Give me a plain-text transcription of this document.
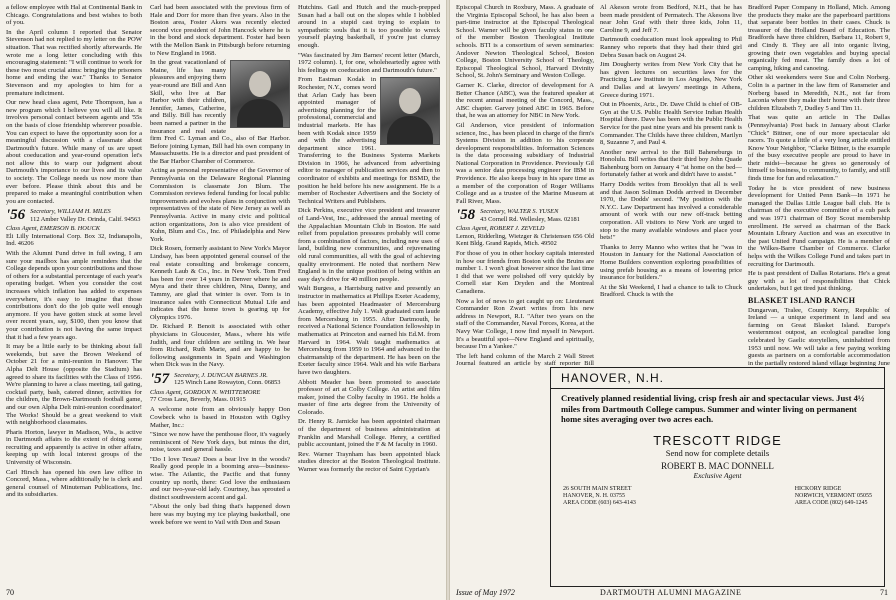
a fellow employee with Hal at Continental Bank in Chicago. Congratulations and best wishes to both of you.

In the April column I reported that Senator Stevenson had not replied to my letter on the POW situation. That was rectified shortly afterwards. He wrote me a long letter concluding with this encouraging statement: "I will continue to work for these two most crucial aims: bringing the prisoners home and ending the war." Thanks to Senator Stevenson and my apologies to him for a premature indictment.

Our new head class agent, Pete Thompson, has a new program which I believe you will all like. It involves personal contact between agents and '55s on the basis of close friendship wherever possible. You can expect to have the opportunity soon for a meaningful discussion with a classmate about Dartmouth's future. While many of us are upset about coeducation and year-round operation let's not allow this to warp our judgment about Dartmouth's importance to our lives and its value to society. The College needs us now more than ever before. Please think about this and be prepared to make a meaningful contribution when you are contacted.

'56 Secretary, WILLIAM H. MILES
112 Amber Valley Dr. Orinda, Calif. 94563
Class Agent, EMERSON B. HOUCK
Eli Lilly International Corp. Box 32, Indianapolis, Ind. 46206

With the Alumni Fund drive in full swing, I am sure your mailbox has ample reminders that the College depends upon your contributions and those of others for a substantial percentage of each year's operating budget. When you consider the cost increases which inflation has added to expenses everywhere, it's easy to imagine that those contributions don't do the job quite well enough anymore. If you have gotten stuck at some level over recent years, say, $100, then you know that your contribution is not having the same impact that it had a few years ago.

It may be a little early to be thinking about fall weekends, but save the Brown Weekend of October 21 for a mini-reunion in Hanover. The Alpha Delt House (opposite the Stadium) has agreed to share its facilities with the Class of 1956. We're planning to have a class meeting, tail gating, cocktail party, bash, catered dinner, activities for the children, the Brown-Dartmouth football game, and our own Alpha Delt mini-reunion coordinator! The Works! Should be a great weekend to visit with neighborhood classmates.

Pharis Horton, lawyer in Madison, Wis., is active in Dartmouth affairs to the extent of doing some recruiting and apparently is active in other affairs, keeping up with local interest groups of the University of Wisconsin.

Carl Hirsch has opened his own law office in Concord, Mass., where additionally he is clerk and general counsel of Minuteman Publications, Inc. and its subsidiaries.

Carl had been associated with the previous firm of Hale and Dorr for more than five years. Also in the Boston area, Foster Akers was recently elected second vice president of John Hancock where he is in the bond and stock department. Foster had been with the Mellon Bank in Pittsburgh before returning to New England in 1968.

In the great vacationland of Maine, life has many pleasures and enjoying them year-round are Bill and Ann Skill, who live at Bar Harbor with their children, Jennifer, James, Catherine, and Billy. Bill has recently been named a partner in the insurance and real estate firm Fred C. Lyman and Co., also of Bar Harbor. Before joining Lyman, Bill had his own company in Massachusetts. He is a director and past president of the Bar Harbor Chamber of Commerce.

Acting as personal representative of the Governor of Pennsylvania on the Delaware Regional Planning Commission is classmate Jon Blum. The Commission reviews federal funding for local public improvements and evolves plans in conjunction with representatives of the state of New Jersey as well as Pennsylvania. Active in many civic and political action organizations, Jon is also vice president of Kuhn, Blum and Co., Inc. of Philadelphia and New York.

Dick Rosen, formerly assistant to New York's Mayor Lindsay, has been appointed general counsel of the real estate consulting and brokerage concern, Kenneth Laub & Co., Inc. in New York. Tom Fred has been for over 14 years in Denver where he and Myra and their three children, Nina, Danny, and Tammy, are glad that winter is over. Tom is in insurance sales with Connecticut Mutual Life and indicates that the home town is gearing up for Olympics 1976.

Dr. Richard P. Benoit is associated with other physicians in Gloucester, Mass., where his wife Judith, and four children are settling in. We hear from Richard, Ruth Marie, and are happy to be following assignments in Spain and Washington when Dick was in the Navy.

'57 Secretary, J. DUNCAN BARNES JR.
125 Winch Lane Rowayton, Conn. 06853
Class Agent, GORDON N. WHITTEMORE
77 Cross Lane, Beverly, Mass. 01915

A welcome note from an obviously happy Don Cowbeck who is based in Houston with Ogilvy Mather, Inc.:

"Since we now have the penthouse floor, it's vaguely reminiscent of New York days, but minus the dirt, noise, taxes and general hassle.

"Do I love Texas? Does a bear live in the woods? Really good people in a booming area—business-wise. The Atlantic, the Pacific and that funny country up north, there: God love the enthusiasm and our two-year-old lady. Courtney, has sprouted a distinct southwestern accent and gal.

"About the only bad thing that's happened down here was my buying my ice playing basketball, one week before we went to Vail with Don and Susan

Hutchins. Gail and Hutch and the much-prepped Susan had a ball out on the slopes while I hobbled around in a stupid cast trying to explain to sympathetic souls that it is too possible to wreck yourself playing basketball, if you're just clumsy enough.

"Was fascinated by Jim Barnes' recent letter (March, 1972 column). I, for one, wholeheartedly agree with his feelings on coeducation and Dartmouth's future."

From Eastman Kodak in Rochester, N.Y., comes word that Arlan Cady has been appointed manager of advertising planning for the professional, commercial and industrial markets. He has been with Kodak since 1959 and with the advertising department since 1961. Transferring to the Business Systems Markets Division in 1966, he advanced from advertising editor to manager of publication services and then to coordinator of exhibits and meetings for BSMD, the position he held before his new assignment. He is a member of Rochester Advertisers and the Society of Technical Writers and Publishers.

Dick Perkins, executive vice president and treasurer of Land-Vest, Inc., addressed the annual meeting of the Appalachian Mountain Club in Boston. He said relief from population pressures probably will come from a combination of factors, including new uses of land, building new communities, and rejuvenating old rural communities, all with the goal of achieving quality environment. He noted that northern New England is in the unique position of being within an easy day's drive for 40 million people.

Walt Burgess, a Harrisburg native and presently an instructor in mathematics at Phillips Exeter Academy, has been appointed Headmaster of Mercersburg Academy, effective July 1. Walt graduated cum laude from Mercersburg in 1955. After Dartmouth, he received a National Science Foundation fellowship in mathematics at Princeton and earned his Ed.M. from Harvard in 1964. Walt taught mathematics at Mercersburg from 1959 to 1964 and advanced to the chairmanship of the department. He has been on the Exeter faculty since 1964. Walt and his wife Barbara have two daughters.

Abbott Meader has been promoted to associate professor of art at Colby College. An artist and film maker, joined the Colby faculty in 1961. He holds a master of fine arts degree from the University of Colorado.

Dr. Henry R. Jarnicke has been appointed chairman of the department of business administration at Franklin and Marshall College. Henry, a certified public accountant, joined the F & M faculty in 1960.

Rev. Warner Traynham has been appointed black studies director at the Boston Theological Institute. Warner was formerly the rector of Saint Cyprian's

70

Episcopal Church in Roxbury, Mass. A graduate of the Virginia Episcopal School, he has also been a part-time instructor at the Episcopal Theological School. Warner will be given faculty status in one of the member Boston Theological Institute schools. BTI is a consortium of seven seminaries: Andover Newton Theological School, Boston College, Boston University School of Theology, Episcopal Theological School, Harvard Divinity School, St. John's Seminary and Weston College.

Garner K. Clarke, director of development for A Better Chance (ABC), was the featured speaker at the recent annual meeting of the Concord, Mass., ABC chapter. Garvey joined ABC in 1965. Before that, he was an attorney for NBC in New York.

Gil Anderson, vice president of information science, Inc., has been placed in charge of the firm's Systems Division in addition to his corporate development responsibilities. Information Sciences is the data processing subsidiary of Industrial National Corporation in Providence. Previously Gil was a senior data processing engineer for IBM in Providence. He also keeps busy in his spare time as a member of the corporation of Roger Williams College and as a trustee of the Marine Museum at Fall River, Mass.

'58 Secretary, WALTER S. YUSEN
43 Cornell Rd. Wellesley, Mass. 02181
Class Agent, ROBERT J. ZEVELD
Lemon, Ridderling, Wietzger & Christensen 656 Old Kent Bldg. Grand Rapids, Mich. 49502

For those of you in other hockey capitals interested in how our friends from Boston with the Bruins are number 1. I won't gloat however since the last time I did that we were polished off very quickly by Cornell star Ken Dryden and the Montreal Canadiens.

Now a lot of news to get caught up on: Lieutenant Commander Ron Zwart writes from his new address in Newport, R.I. "After two years on the staff of the Commander, Naval Forces, Korea, at the Navy War College, I now find myself in Newport. It's a beautiful spot—New England and spiritually, because I'm a Yankee."

The left hand column of the March 2 Wall Street Journal featured an article by staff reporter Bill

Al Akeson wrote from Bedford, N.H., that he has been made president of Permatech. The Akesons live near John Graf with their three kids, John 11, Caroline 9, and Jeff 7.

Dartmouth coeducation must look appealing to Phil Ranney who reports that they had their third girl Debra Susan back on August 24.

Jim Dougherty writes from New York City that he has given lectures on securities laws for the Practicing Law Institute in Los Angeles, New York and Dallas and at lawyers' meetings in Athens, Greece during 1971.

Out in Phoenix, Ariz., Dr. Dave Child is chief of OB-Gyn at the U.S. Public Health Service Indian Health Hospital there. Dave has been with the Public Health Service for the past nine years and his present rank is Commander. The Childs have three children, Marilyn 8, Suzanne 7, and Paul 4.

Another new arrival to the Bill Baheneburgs in Honolulu. Bill writes that their third boy John Quade Bahenburg born on January 4 "at home on the bed—fortunately father at work and didn't have to assist."

Harry Dodds writes from Brooklyn that all is well and that Jason Soliman Dodds arrived in December 1970, the Dodds' second. "My position with the N.Y.C. Law Department has involved a considerable amount of work with our new off-track betting corporation. All visitors to New York are urged to stop to the many available windows and place your bets!"

Thanks to Jerry Manno who writes that he "was in Houston in January for the National Association of Home Builders convention exploring possibilities of using prefab housing as a means of lowering price insurance for builders."

At the Ski Weekend, I had a chance to talk to Chuck Bradford. Chuck is with the

Bradford Paper Company in Holland, Mich. Among the products they make are the paperboard partitions that separate beer bottles in their cases. Chuck is treasurer of the Holland Board of Education. The Bradfords have three children, Barbara 11, Robert 9, and Cindy 8. They are all into organic living, growing their own vegetables and buying special organically fed meat. The family does a lot of camping, hiking and canoeing.

Other ski weekenders were Sue and Colin Norberg. Colin is a partner in the law firm of Ransmeier and Norberg based in Meredith, N.H., not far from Laconia where they make their home with their three children Elizabeth 7, Dudley 5 and Tim 11.

That was quite an article in The Dallas (Pennsylvania) Post back in January about Clarke "Chick" Bittner, one of our more spectacular ski racers. To quote a little of a very long article entitled Know Your Neighbor, "Clarke Bittner, is the example of the busy executive people are proud to have in their midst—because he gives so generously of himself to business, to community, to family, and still finds time for fun and relaxation."

Today he is vice president of new business development for United Penn Bank—In 1971 he managed the Dallas Little League ball club. He is chairman of the executive committee of a cub pack and was 1971 chairman of Boy Scout membership enrollment. He served as chairman of the Back Mountain Library Auction and was an executive in the past United Fund campaign. He is a member of the Wilkes-Barre Chamber of Commerce. Clarke helps with the Wilkes College Fund and takes part in recruiting for Dartmouth.

He is past president of Dallas Rotarians. He's a great guy with a lot of responsibilities that Chick undertakes, but I get tired just thinking.

BLASKET ISLAND RANCH

Dungarvan, Tralee, County Kerry, Republic of Ireland — a unique experiment in land and sea farming on Great Blasket Island. Europe's westernmost outpost, an ecological paradise long celebrated by Gaelic storytellers, uninhabited from 1953 until now. We will take a few paying working guests as partners on a comfortable accommodation in the partially restored island village beginning June

HANOVER, N.H.
Creatively planned residential living, crisp fresh air and spectacular views. Just 4½ miles from Dartmouth College campus. Summer and winter living on permanent home sites averaging over two acres each.
TRESCOTT RIDGE
Send now for complete details
ROBERT B. MAC DONNELL
Exclusive Agent
26 SOUTH MAIN STREET
HANOVER, N. H. 03755
AREA CODE (603) 643-4143
HICKORY RIDGE
NORWICH, VERMONT 05055
AREA CODE (802) 649-1245
Issue of May 1972	DARTMOUTH ALUMNI MAGAZINE	71
